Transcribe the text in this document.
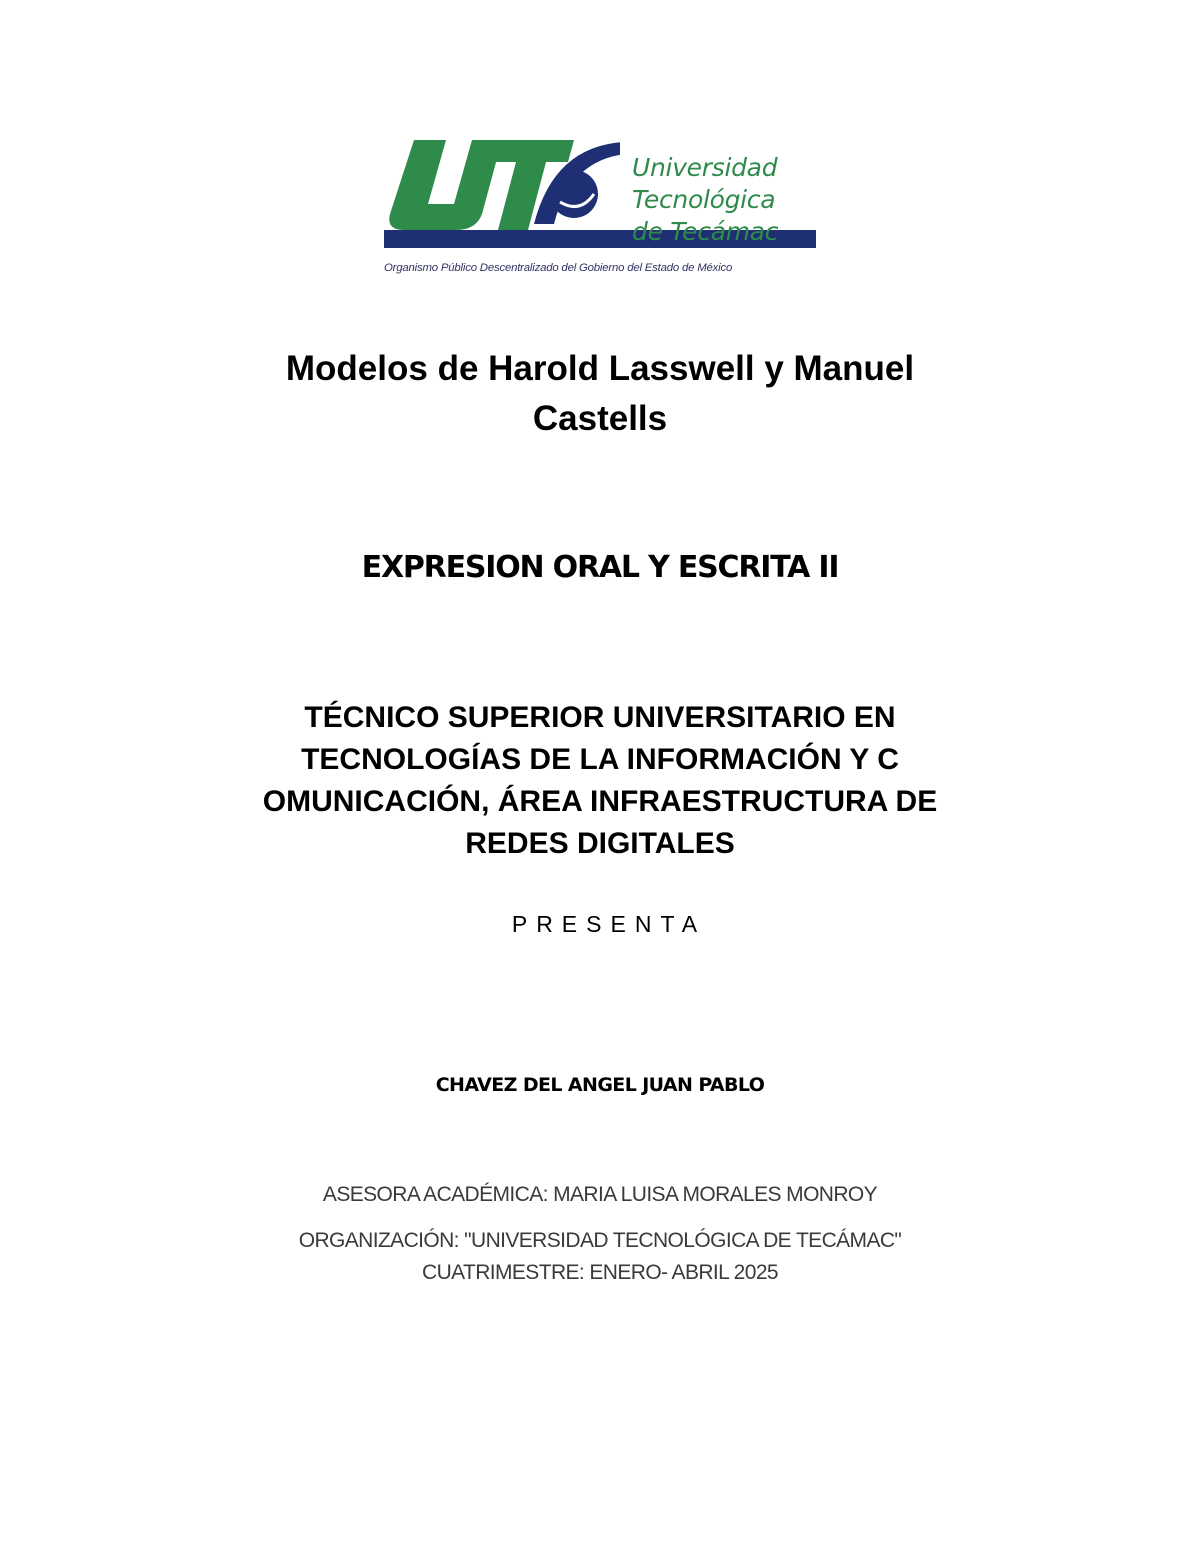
Universidad
Tecnológica
de Tecámac
Organismo Público Descentralizado del Gobierno del Estado de México
Modelos de Harold Lasswell y Manuel
Castells
EXPRESION ORAL Y ESCRITA II
TÉCNICO SUPERIOR UNIVERSITARIO EN
TECNOLOGÍAS DE LA INFORMACIÓN Y C
OMUNICACIÓN, ÁREA INFRAESTRUCTURA DE
REDES DIGITALES
PRESENTA
CHAVEZ DEL ANGEL JUAN PABLO
ASESORA ACADÉMICA: MARIA LUISA MORALES MONROY
ORGANIZACIÓN: "UNIVERSIDAD TECNOLÓGICA DE TECÁMAC"
CUATRIMESTRE: ENERO- ABRIL 2025
